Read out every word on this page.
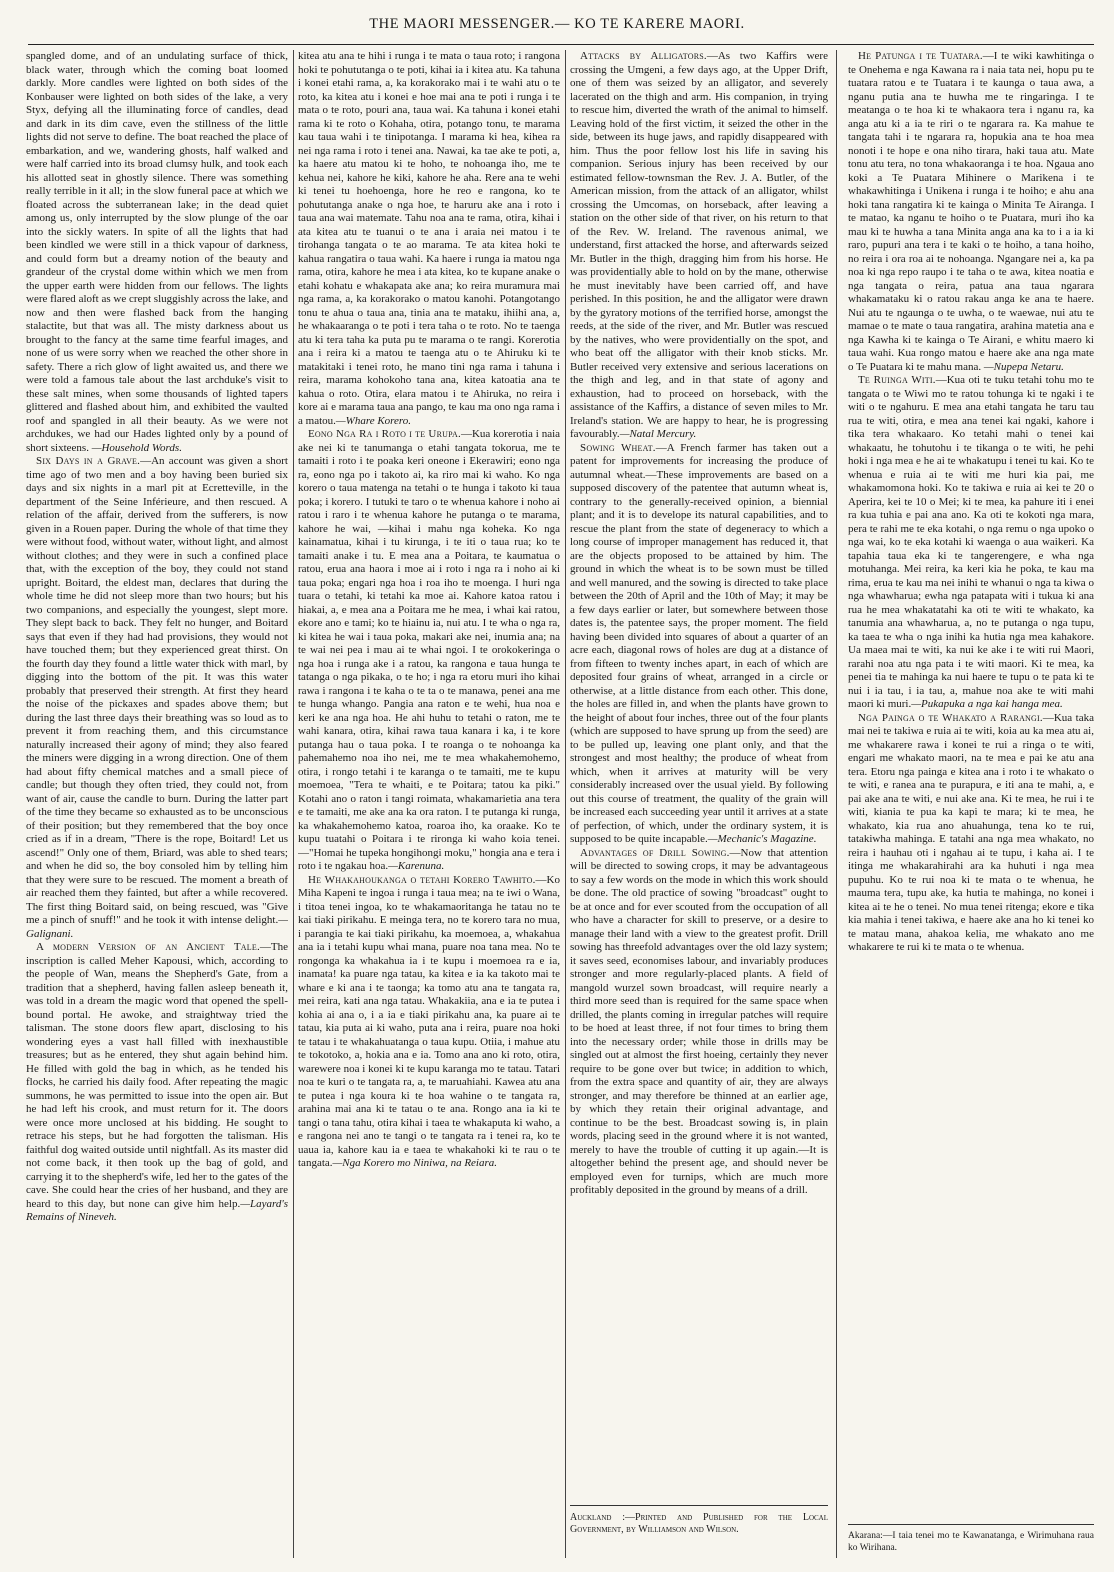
THE MAORI MESSENGER.— KO TE KARERE MAORI.

spangled dome, and of an undulating surface of thick, black water, through which the coming boat loomed darkly. More candles were lighted on both sides of the Konbauser were lighted on both sides of the lake, a very Styx, defying all the illuminating force of candles, dead and dark in its dim cave, even the stillness of the little lights did not serve to define. The boat reached the place of embarkation, and we, wandering ghosts, half walked and were half carried into its broad clumsy hulk, and took each his allotted seat in ghostly silence. There was something really terrible in it all; in the slow funeral pace at which we floated across the subterranean lake; in the dead quiet among us, only interrupted by the slow plunge of the oar into the sickly waters. In spite of all the lights that had been kindled we were still in a thick vapour of darkness, and could form but a dreamy notion of the beauty and grandeur of the crystal dome within which we men from the upper earth were hidden from our fellows. The lights were flared aloft as we crept sluggishly across the lake, and now and then were flashed back from the hanging stalactite, but that was all. The misty darkness about us brought to the fancy at the same time fearful images, and none of us were sorry when we reached the other shore in safety. There a rich glow of light awaited us, and there we were told a famous tale about the last archduke's visit to these salt mines, when some thousands of lighted tapers glittered and flashed about him, and exhibited the vaulted roof and spangled in all their beauty. As we were not archdukes, we had our Hades lighted only by a pound of short sixteens. —Household Words.

Six Days in a Grave.—An account was given a short time ago of two men and a boy having been buried six days and six nights in a marl pit at Ecretteville, in the department of the Seine Inférieure, and then rescued. A relation of the affair, derived from the sufferers, is now given in a Rouen paper. During the whole of that time they were without food, without water, without light, and almost without clothes; and they were in such a confined place that, with the exception of the boy, they could not stand upright. Boitard, the eldest man, declares that during the whole time he did not sleep more than two hours; but his two companions, and especially the youngest, slept more. They slept back to back. They felt no hunger, and Boitard says that even if they had had provisions, they would not have touched them; but they experienced great thirst. On the fourth day they found a little water thick with marl, by digging into the bottom of the pit. It was this water probably that preserved their strength. At first they heard the noise of the pickaxes and spades above them; but during the last three days their breathing was so loud as to prevent it from reaching them, and this circumstance naturally increased their agony of mind; they also feared the miners were digging in a wrong direction. One of them had about fifty chemical matches and a small piece of candle; but though they often tried, they could not, from want of air, cause the candle to burn. During the latter part of the time they became so exhausted as to be unconscious of their position; but they remembered that the boy once cried as if in a dream, "There is the rope, Boitard! Let us ascend!" Only one of them, Briard, was able to shed tears; and when he did so, the boy consoled him by telling him that they were sure to be rescued. The moment a breath of air reached them they fainted, but after a while recovered. The first thing Boitard said, on being rescued, was "Give me a pinch of snuff!" and he took it with intense delight.—Galignani.

A modern Version of an Ancient Tale.—The inscription is called Meher Kapousi, which, according to the people of Wan, means the Shepherd's Gate, from a tradition that a shepherd, having fallen asleep beneath it, was told in a dream the magic word that opened the spell-bound portal. He awoke, and straightway tried the talisman. The stone doors flew apart, disclosing to his wondering eyes a vast hall filled with inexhaustible treasures; but as he entered, they shut again behind him. He filled with gold the bag in which, as he tended his flocks, he carried his daily food. After repeating the magic summons, he was permitted to issue into the open air. But he had left his crook, and must return for it. The doors were once more unclosed at his bidding. He sought to retrace his steps, but he had forgotten the talisman. His faithful dog waited outside until nightfall. As its master did not come back, it then took up the bag of gold, and carrying it to the shepherd's wife, led her to the gates of the cave. She could hear the cries of her husband, and they are heard to this day, but none can give him help.—Layard's Remains of Nineveh.

kitea atu ana te hihi i runga i te mata o taua roto; i rangona hoki te pohututanga o te poti, kihai ia i kitea atu. Ka tahuna i konei etahi rama, a, ka korakorako mai i te wahi atu o te roto, ka kitea atu i konei e hoe mai ana te poti i runga i te mata o te roto, pouri ana, taua wai. Ka tahuna i konei etahi rama ki te roto o Kohaha, otira, potango tonu, te marama kau taua wahi i te tinipotanga. I marama ki hea, kihea ra nei nga rama i roto i tenei ana. Nawai, ka tae ake te poti, a, ka haere atu matou ki te hoho, te nohoanga iho, me te kehua nei, kahore he kiki, kahore he aha. Rere ana te wehi ki tenei tu hoehoenga, hore he reo e rangona, ko te pohututanga anake o nga hoe, te haruru ake ana i roto i taua ana wai matemate. Tahu noa ana te rama, otira, kihai i ata kitea atu te tuanui o te ana i araia nei matou i te tirohanga tangata o te ao marama. Te ata kitea hoki te kahua rangatira o taua wahi. Ka haere i runga ia matou nga rama, otira, kahore he mea i ata kitea, ko te kupane anake o etahi kohatu e whakapata ake ana; ko reira muramura mai nga rama, a, ka korakorako o matou kanohi. Potangotango tonu te ahua o taua ana, tinia ana te mataku, ihiihi ana, a, he whakaaranga o te poti i tera taha o te roto. No te taenga atu ki tera taha ka puta pu te marama o te rangi. Korerotia ana i reira ki a matou te taenga atu o te Ahiruku ki te matakitaki i tenei roto, he mano tini nga rama i tahuna i reira, marama kohokoho tana ana, kitea katoatia ana te kahua o roto. Otira, elara matou i te Ahiruka, no reira i kore ai e marama taua ana pango, te kau ma ono nga rama i a matou.—Whare Korero.

Eono Nga Ra i Roto i te Urupa.—Kua korerotia i naia ake nei ki te tanumanga o etahi tangata tokorua, me te tamaiti i roto i te poaka keri oneone i Ekerawiri; eono nga ra, eono nga po i takoto ai, ka riro mai ki waho. Ko nga korero o taua matenga na tetahi o te hunga i takoto ki taua poka; i korero. I tutuki te taro o te whenua kahore i noho ai ratou i raro i te whenua kahore he putanga o te marama, kahore he wai, —kihai i mahu nga koheka. Ko nga kainamatua, kihai i tu kirunga, i te iti o taua rua; ko te tamaiti anake i tu. E mea ana a Poitara, te kaumatua o ratou, erua ana haora i moe ai i roto i nga ra i noho ai ki taua poka; engari nga hoa i roa iho te moenga. I huri nga tuara o tetahi, ki tetahi ka moe ai. Kahore katoa ratou i hiakai, a, e mea ana a Poitara me he mea, i whai kai ratou, ekore ano e tami; ko te hiainu ia, nui atu. I te wha o nga ra, ki kitea he wai i taua poka, makari ake nei, inumia ana; na te wai nei pea i mau ai te whai ngoi. I te orokokeringa o nga hoa i runga ake i a ratou, ka rangona e taua hunga te tatanga o nga pikaka, o te ho; i nga ra etoru muri iho kihai rawa i rangona i te kaha o te ta o te manawa, penei ana me te hunga whango. Pangia ana raton e te wehi, hua noa e keri ke ana nga hoa. He ahi huhu to tetahi o raton, me te wahi kanara, otira, kihai rawa taua kanara i ka, i te kore putanga hau o taua poka. I te roanga o te nohoanga ka pahemahemo noa iho nei, me te mea whakahemohemo, otira, i rongo tetahi i te karanga o te tamaiti, me te kupu moemoea, "Tera te whaiti, e te Poitara; tatou ka piki." Kotahi ano o raton i tangi roimata, whakamarietia ana tera e te tamaiti, me ake ana ka ora raton. I te putanga ki runga, ka whakahemohemo katoa, roaroa iho, ka oraake. Ko te kupu tuatahi o Poitara i te rironga ki waho koia tenei.—"Homai he tupeka hongihongi moku," hongia ana e tera i roto i te ngakau hoa.—Karenuna.

He Whakahoukanga o tetahi Korero Tawhito.—Ko Miha Kapeni te ingoa i runga i taua mea; na te iwi o Wana, i titoa tenei ingoa, ko te whakamaoritanga he tatau no te kai tiaki pirikahu. E meinga tera, no te korero tara no mua, i parangia te kai tiaki pirikahu, ka moemoea, a, whakahua ana ia i tetahi kupu whai mana, puare noa tana mea. No te rongonga ka whakahua ia i te kupu i moemoea ra e ia, inamata! ka puare nga tatau, ka kitea e ia ka takoto mai te whare e ki ana i te taonga; ka tomo atu ana te tangata ra, mei reira, kati ana nga tatau. Whakakiia, ana e ia te putea i kohia ai ana o, i a ia e tiaki pirikahu ana, ka puare ai te tatau, kia puta ai ki waho, puta ana i reira, puare noa hoki te tatau i te whakahuatanga o taua kupu. Otiia, i mahue atu te tokotoko, a, hokia ana e ia. Tomo ana ano ki roto, otira, warewere noa i konei ki te kupu karanga mo te tatau. Tatari noa te kuri o te tangata ra, a, te maruahiahi. Kawea atu ana te putea i nga koura ki te hoa wahine o te tangata ra, arahina mai ana ki te tatau o te ana. Rongo ana ia ki te tangi o tana tahu, otira kihai i taea te whakaputa ki waho, a e rangona nei ano te tangi o te tangata ra i tenei ra, ko te uaua ia, kahore kau ia e taea te whakahoki ki te rau o te tangata.—Nga Korero mo Niniwa, na Reiara.

Attacks by Alligators.—As two Kaffirs were crossing the Umgeni, a few days ago, at the Upper Drift, one of them was seized by an alligator, and severely lacerated on the thigh and arm. His companion, in trying to rescue him, diverted the wrath of the animal to himself. Leaving hold of the first victim, it seized the other in the side, between its huge jaws, and rapidly disappeared with him. Thus the poor fellow lost his life in saving his companion. Serious injury has been received by our estimated fellow-townsman the Rev. J. A. Butler, of the American mission, from the attack of an alligator, whilst crossing the Umcomas, on horseback, after leaving a station on the other side of that river, on his return to that of the Rev. W. Ireland. The ravenous animal, we understand, first attacked the horse, and afterwards seized Mr. Butler in the thigh, dragging him from his horse. He was providentially able to hold on by the mane, otherwise he must inevitably have been carried off, and have perished. In this position, he and the alligator were drawn by the gyratory motions of the terrified horse, amongst the reeds, at the side of the river, and Mr. Butler was rescued by the natives, who were providentially on the spot, and who beat off the alligator with their knob sticks. Mr. Butler received very extensive and serious lacerations on the thigh and leg, and in that state of agony and exhaustion, had to proceed on horseback, with the assistance of the Kaffirs, a distance of seven miles to Mr. Ireland's station. We are happy to hear, he is progressing favourably.—Natal Mercury.

Sowing Wheat.—A French farmer has taken out a patent for improvements for increasing the produce of autumnal wheat.—These improvements are based on a supposed discovery of the patentee that autumn wheat is, contrary to the generally-received opinion, a biennial plant; and it is to develope its natural capabilities, and to rescue the plant from the state of degeneracy to which a long course of improper management has reduced it, that are the objects proposed to be attained by him. The ground in which the wheat is to be sown must be tilled and well manured, and the sowing is directed to take place between the 20th of April and the 10th of May; it may be a few days earlier or later, but somewhere between those dates is, the patentee says, the proper moment. The field having been divided into squares of about a quarter of an acre each, diagonal rows of holes are dug at a distance of from fifteen to twenty inches apart, in each of which are deposited four grains of wheat, arranged in a circle or otherwise, at a little distance from each other. This done, the holes are filled in, and when the plants have grown to the height of about four inches, three out of the four plants (which are supposed to have sprung up from the seed) are to be pulled up, leaving one plant only, and that the strongest and most healthy; the produce of wheat from which, when it arrives at maturity will be very considerably increased over the usual yield. By following out this course of treatment, the quality of the grain will be increased each succeeding year until it arrives at a state of perfection, of which, under the ordinary system, it is supposed to be quite incapable.—Mechanic's Magazine.

Advantages of Drill Sowing.—Now that attention will be directed to sowing crops, it may be advantageous to say a few words on the mode in which this work should be done. The old practice of sowing "broadcast" ought to be at once and for ever scouted from the occupation of all who have a character for skill to preserve, or a desire to manage their land with a view to the greatest profit. Drill sowing has threefold advantages over the old lazy system; it saves seed, economises labour, and invariably produces stronger and more regularly-placed plants. A field of mangold wurzel sown broadcast, will require nearly a third more seed than is required for the same space when drilled, the plants coming in irregular patches will require to be hoed at least three, if not four times to bring them into the necessary order; while those in drills may be singled out at almost the first hoeing, certainly they never require to be gone over but twice; in addition to which, from the extra space and quantity of air, they are always stronger, and may therefore be thinned at an earlier age, by which they retain their original advantage, and continue to be the best. Broadcast sowing is, in plain words, placing seed in the ground where it is not wanted, merely to have the trouble of cutting it up again.—It is altogether behind the present age, and should never be employed even for turnips, which are much more profitably deposited in the ground by means of a drill.

Auckland :—Printed and Published for the Local Government, by Williamson and Wilson.

He Patunga i te Tuatara.—I te wiki kawhitinga o te Onehema e nga Kawana ra i naia tata nei, hopu pu te tuatara ratou e te Tuatara i te kaunga o taua awa, a nganu putia ana te huwha me te ringaringa. I te meatanga o te hoa ki te whakaora tera i nganu ra, ka anga atu ki a ia te riri o te ngarara ra. Ka mahue te tangata tahi i te ngarara ra, hopukia ana te hoa mea nonoti i te hope e ona niho tirara, haki taua atu. Mate tonu atu tera, no tona whakaoranga i te hoa. Ngaua ano koki a Te Puatara Mihinere o Marikena i te whakawhitinga i Unikena i runga i te hoiho; e ahu ana hoki tana rangatira ki te kainga o Minita Te Airanga. I te matao, ka nganu te hoiho o te Puatara, muri iho ka mau ki te huwha a tana Minita anga ana ka to i a ia ki raro, pupuri ana tera i te kaki o te hoiho, a tana hoiho, no reira i ora roa ai te nohoanga. Ngangare nei a, ka pa noa ki nga repo raupo i te taha o te awa, kitea noatia e nga tangata o reira, patua ana taua ngarara whakamataku ki o ratou rakau anga ke ana te haere. Nui atu te ngaunga o te uwha, o te waewae, nui atu te mamae o te mate o taua rangatira, arahina matetia ana e nga Kawha ki te kainga o Te Airani, e whitu maero ki taua wahi. Kua rongo matou e haere ake ana nga mate o Te Puatara ki te mahu mana. —Nupepa Netaru.

Te Ruinga Witi.—Kua oti te tuku tetahi tohu mo te tangata o te Wiwi mo te ratou tohunga ki te ngaki i te witi o te ngahuru. E mea ana etahi tangata he taru tau rua te witi, otira, e mea ana tenei kai ngaki, kahore i tika tera whakaaro. Ko tetahi mahi o tenei kai whakaatu, he tohutohu i te tikanga o te witi, he pehi hoki i nga mea e he ai te whakatupu i tenei tu kai. Ko te whenua e ruia ai te witi me huri kia pai, me whakamomona hoki. Ko te takiwa e ruia ai kei te 20 o Aperira, kei te 10 o Mei; ki te mea, ka pahure iti i enei ra kua tuhia e pai ana ano. Ka oti te kokoti nga mara, pera te rahi me te eka kotahi, o nga remu o nga upoko o nga wai, ko te eka kotahi ki waenga o aua waikeri. Ka tapahia taua eka ki te tangerengere, e wha nga motuhanga. Mei reira, ka keri kia he poka, te kau ma rima, erua te kau ma nei inihi te whanui o nga ta kiwa o nga whawharua; ewha nga patapata witi i tukua ki ana rua he mea whakatatahi ka oti te witi te whakato, ka tanumia ana whawharua, a, no te putanga o nga tupu, ka taea te wha o nga inihi ka hutia nga mea kahakore. Ua maea mai te witi, ka nui ke ake i te witi rui Maori, rarahi noa atu nga pata i te witi maori. Ki te mea, ka penei tia te mahinga ka nui haere te tupu o te pata ki te nui i ia tau, i ia tau, a, mahue noa ake te witi mahi maori ki muri.—Pukapuka a nga kai hanga mea.

Nga Painga o te Whakato a Rarangi.—Kua taka mai nei te takiwa e ruia ai te witi, koia au ka mea atu ai, me whakarere rawa i konei te rui a ringa o te witi, engari me whakato maori, na te mea e pai ke atu ana tera. Etoru nga painga e kitea ana i roto i te whakato o te witi, e ranea ana te purapura, e iti ana te mahi, a, e pai ake ana te witi, e nui ake ana. Ki te mea, he rui i te witi, kiania te pua ka kapi te mara; ki te mea, he whakato, kia rua ano ahuahunga, tena ko te rui, tatakiwha mahinga. E tatahi ana nga mea whakato, no reira i hauhau oti i ngahau ai te tupu, i kaha ai. I te itinga me whakarahirahi ara ka huhuti i nga mea pupuhu. Ko te rui noa ki te mata o te whenua, he mauma tera, tupu ake, ka hutia te mahinga, no konei i kitea ai te he o tenei. No mua tenei ritenga; ekore e tika kia mahia i tenei takiwa, e haere ake ana ho ki tenei ko te matau mana, ahakoa kelia, me whakato ano me whakarere te rui ki te mata o te whenua.

Akarana:—I taia tenei mo te Kawanatanga, e Wirimuhana raua ko Wirihana.
